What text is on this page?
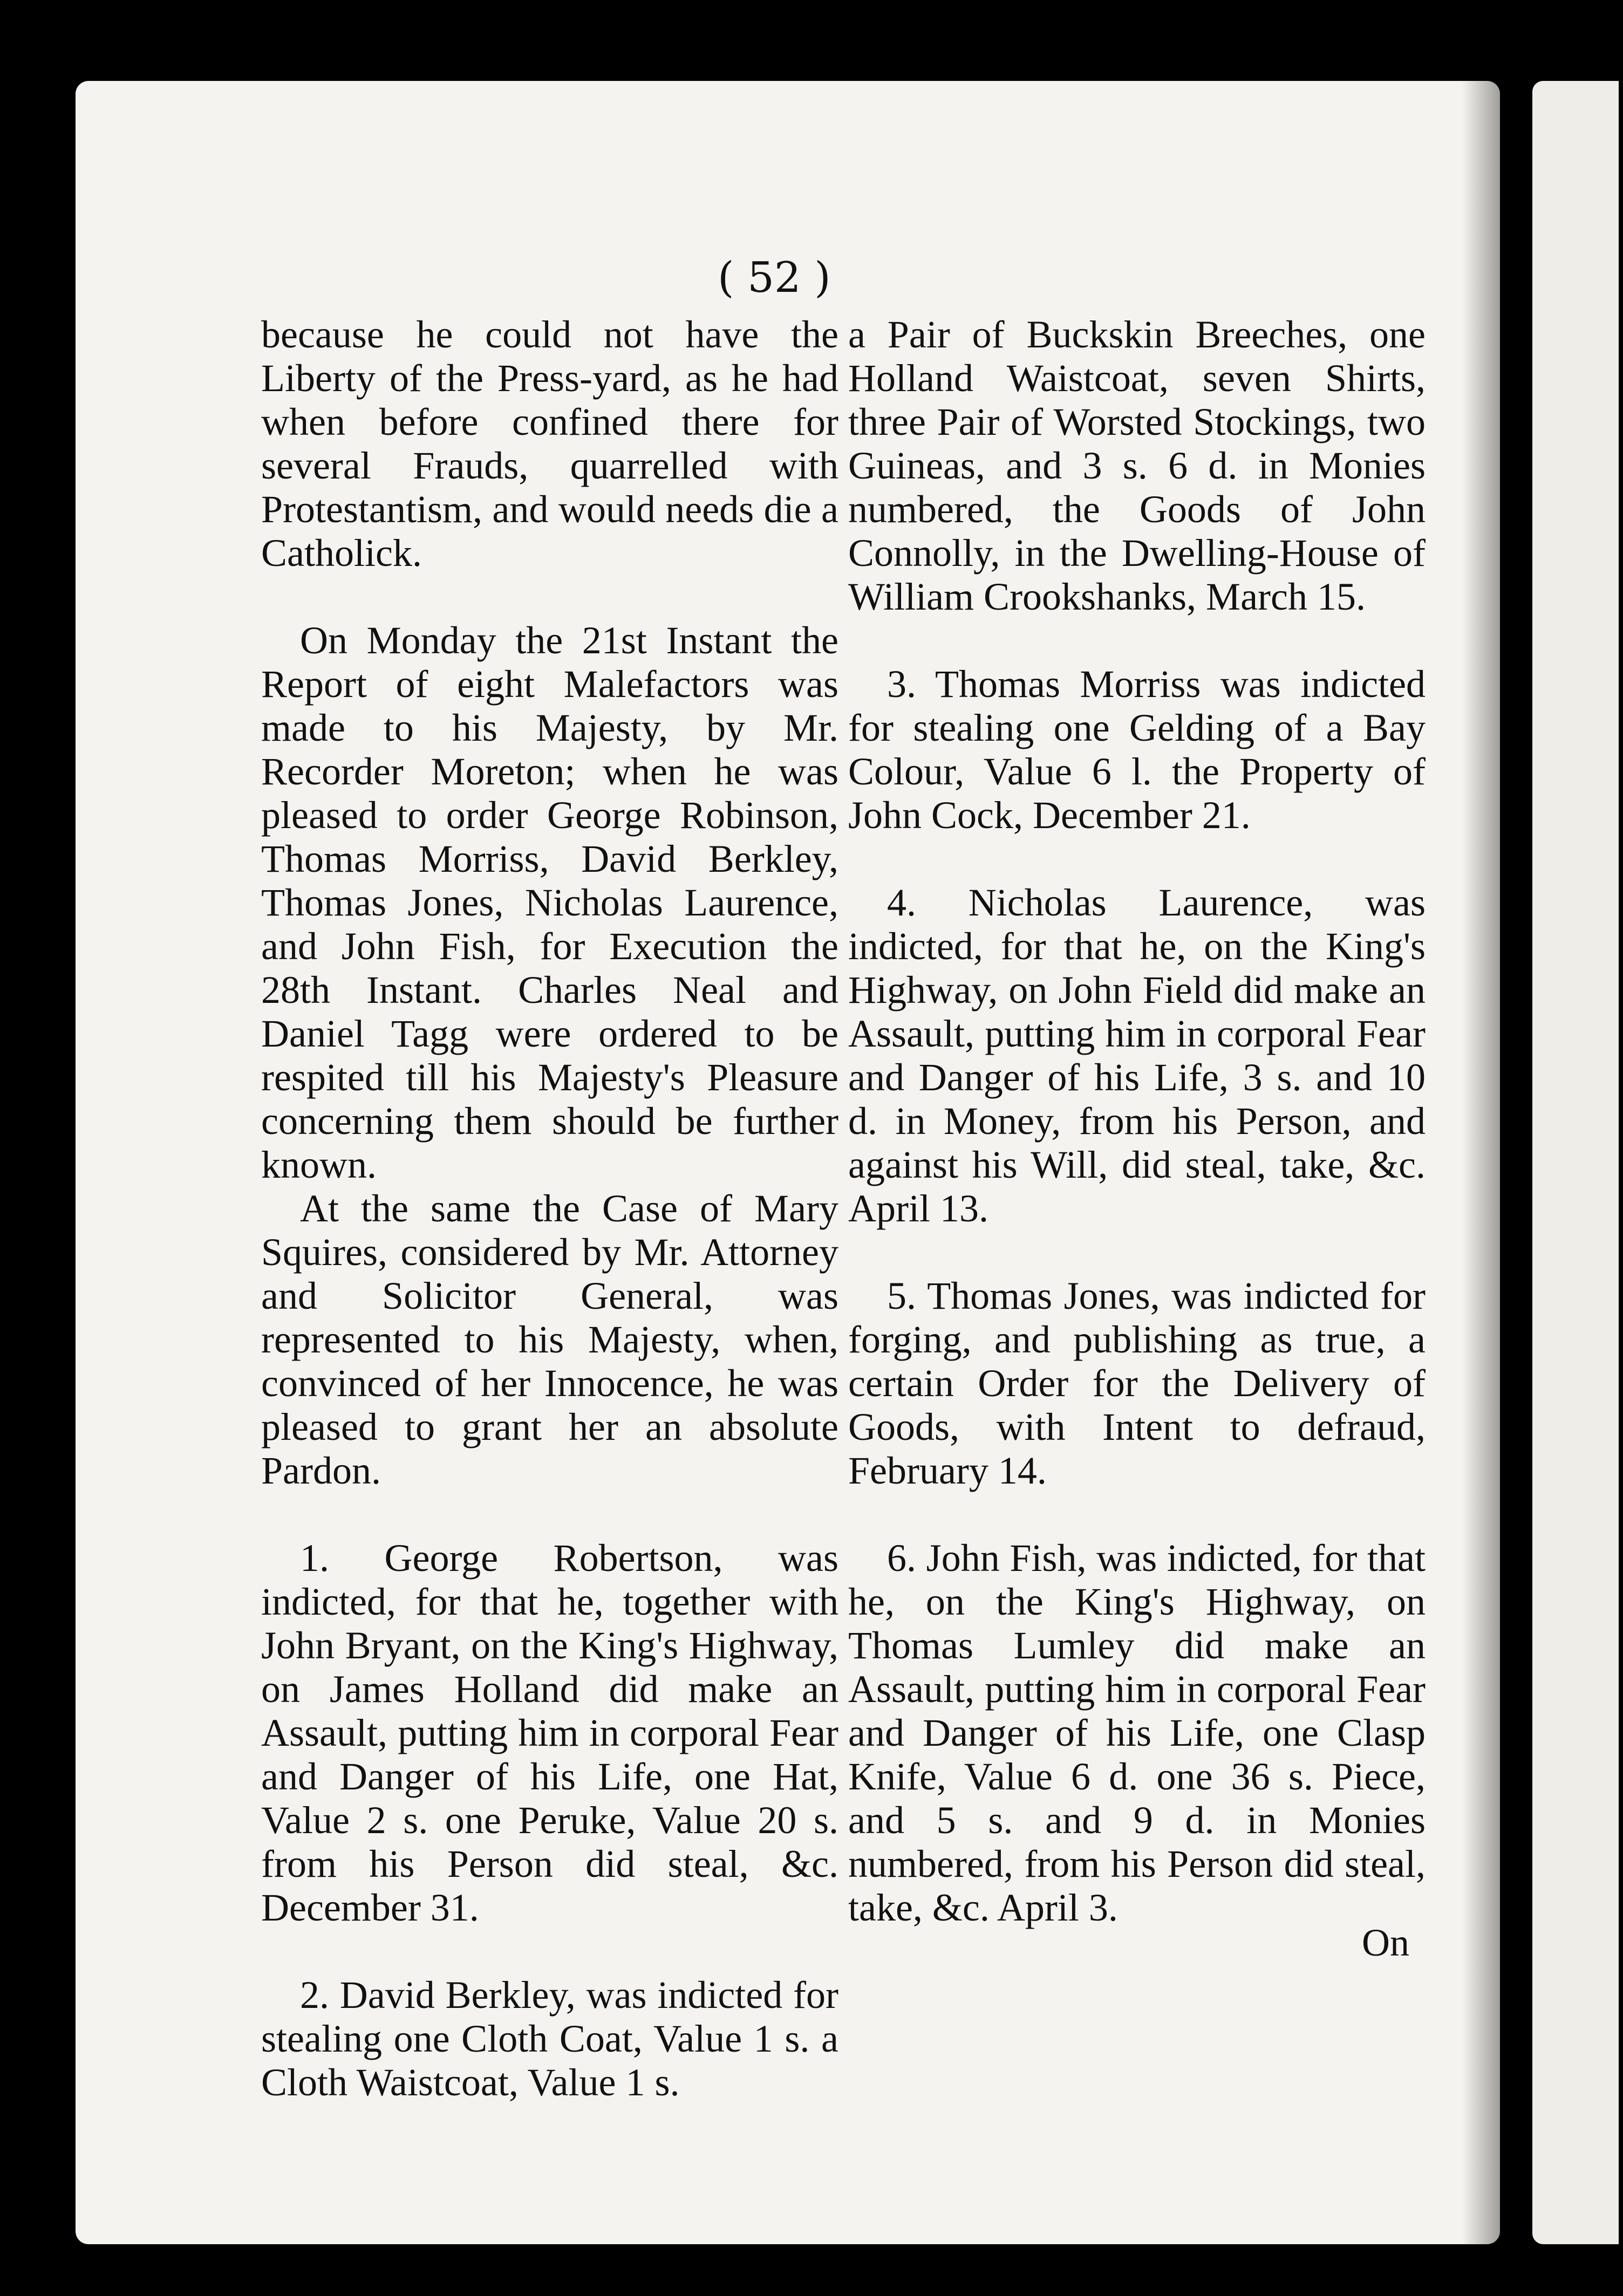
( 52 )

because he could not have the Liberty of the Press-yard, as he had when before confined there for several Frauds, quarrelled with Protestantism, and would needs die a Catholick.

On Monday the 21st Instant the Report of eight Malefactors was made to his Majesty, by Mr. Recorder Moreton; when he was pleased to order George Robinson, Thomas Morriss, David Berkley, Thomas Jones, Nicholas Laurence, and John Fish, for Execution the 28th Instant. Charles Neal and Daniel Tagg were ordered to be respited till his Majesty's Pleasure concerning them should be further known.

At the same the Case of Mary Squires, considered by Mr. Attorney and Solicitor General, was represented to his Majesty, when, convinced of her Innocence, he was pleased to grant her an absolute Pardon.

1. George Robertson, was indicted, for that he, together with John Bryant, on the King's Highway, on James Holland did make an Assault, putting him in corporal Fear and Danger of his Life, one Hat, Value 2 s. one Peruke, Value 20 s. from his Person did steal, &c. December 31.

2. David Berkley, was indicted for stealing one Cloth Coat, Value 1 s. a Cloth Waistcoat, Value 1 s.

a Pair of Buckskin Breeches, one Holland Waistcoat, seven Shirts, three Pair of Worsted Stockings, two Guineas, and 3 s. 6 d. in Monies numbered, the Goods of John Connolly, in the Dwelling-House of William Crookshanks, March 15.

3. Thomas Morriss was indicted for stealing one Gelding of a Bay Colour, Value 6 l. the Property of John Cock, December 21.

4. Nicholas Laurence, was indicted, for that he, on the King's Highway, on John Field did make an Assault, putting him in corporal Fear and Danger of his Life, 3 s. and 10 d. in Money, from his Person, and against his Will, did steal, take, &c. April 13.

5. Thomas Jones, was indicted for forging, and publishing as true, a certain Order for the Delivery of Goods, with Intent to defraud, February 14.

6. John Fish, was indicted, for that he, on the King's Highway, on Thomas Lumley did make an Assault, putting him in corporal Fear and Danger of his Life, one Clasp Knife, Value 6 d. one 36 s. Piece, and 5 s. and 9 d. in Monies numbered, from his Person did steal, take, &c. April 3.

On
